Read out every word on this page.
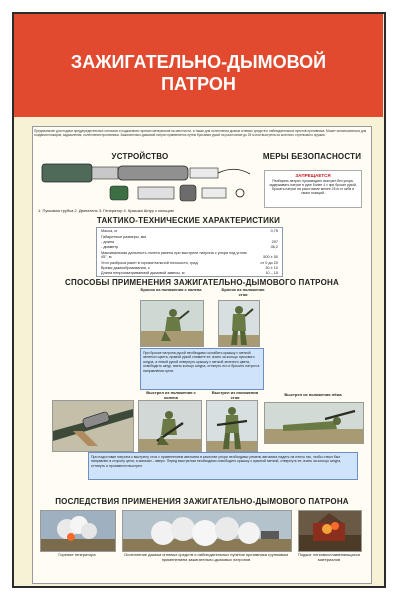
ЗАЖИГАТЕЛЬНО-ДЫМОВОЙ
ПАТРОН
Предназначен для подачи предупредительных сигналов и поджигания горючих материалов на местности, а также для ослепления дымом огневых средств и наблюдательных пунктов противника. Может использоваться для создания пожаров, задымления, ослепления противника. Зажигательно-дымовой патрон применяется путем бросания рукой на расстояние до 25 м или выстрела из штатного стрелкового оружия.
УСТРОЙСТВО	МЕРЫ БЕЗОПАСНОСТИ
1. Пусковая трубка 2. Двигатель 3. Генератор 4. Крышка Шнур с кольцом
ЗАПРЕЩАЕТСЯ
Разбирать патрон, производить выстрел без упора, задерживать патрон в руке более 4 с при броске рукой, бросать патрон на расстояние менее 25 м от себя и своих позиций.
ТАКТИКО-ТЕХНИЧЕСКИЕ ХАРАКТЕРИСТИКИ
Масса, кг	0,75
Габаритные размеры, мм
- длина	297
- диаметр	46,2
Максимальная дальность полета ракеты при выстреле патрона с упора под углом 45°, м	500 ± 50
Угол разброса ракет в горизонтальной плоскости, град	от 0 до 20
Время дымообразования, с	30 ± 10
Длина непросматриваемой дымовой завесы, м	10 – 15
СПОСОБЫ ПРИМЕНЕНИЯ ЗАЖИГАТЕЛЬНО-ДЫМОВОГО ПАТРОНА
Бросок из положения с колена	Бросок из положения стоя
При броске патрона рукой необходимо ослабить крышку с меткой зеленого цвета, правой рукой снимите ее, взять за кольцо пускового шнура, а левой рукой отвернуть крышку с меткой зеленого цвета, освободить шнур, взять кольцо шнура, оттянуть его и бросить патрон в направлении цели.
Выстрел из положения с колена
Выстрел из положения стоя
Выстрел из положения лёжа
При подготовке патрона к выстрелу стоя с применением автомата в качестве упора необходимо ремень автомата надеть на плечо так, чтобы ствол был направлен в сторону цели, а магазин – вверх. Перед выстрелом необходимо освободить крышку с красной меткой, отвернуть ее, взять за кольцо шнура, оттянуть и произвести выстрел.
ПОСЛЕДСТВИЯ ПРИМЕНЕНИЯ ЗАЖИГАТЕЛЬНО-ДЫМОВОГО ПАТРОНА
Горение генератора	Ослепление дымом огневых средств и наблюдательных пунктов противника групповым применением зажигательно-дымовых патронов
Поджог легковоспламеняющихся материалов
